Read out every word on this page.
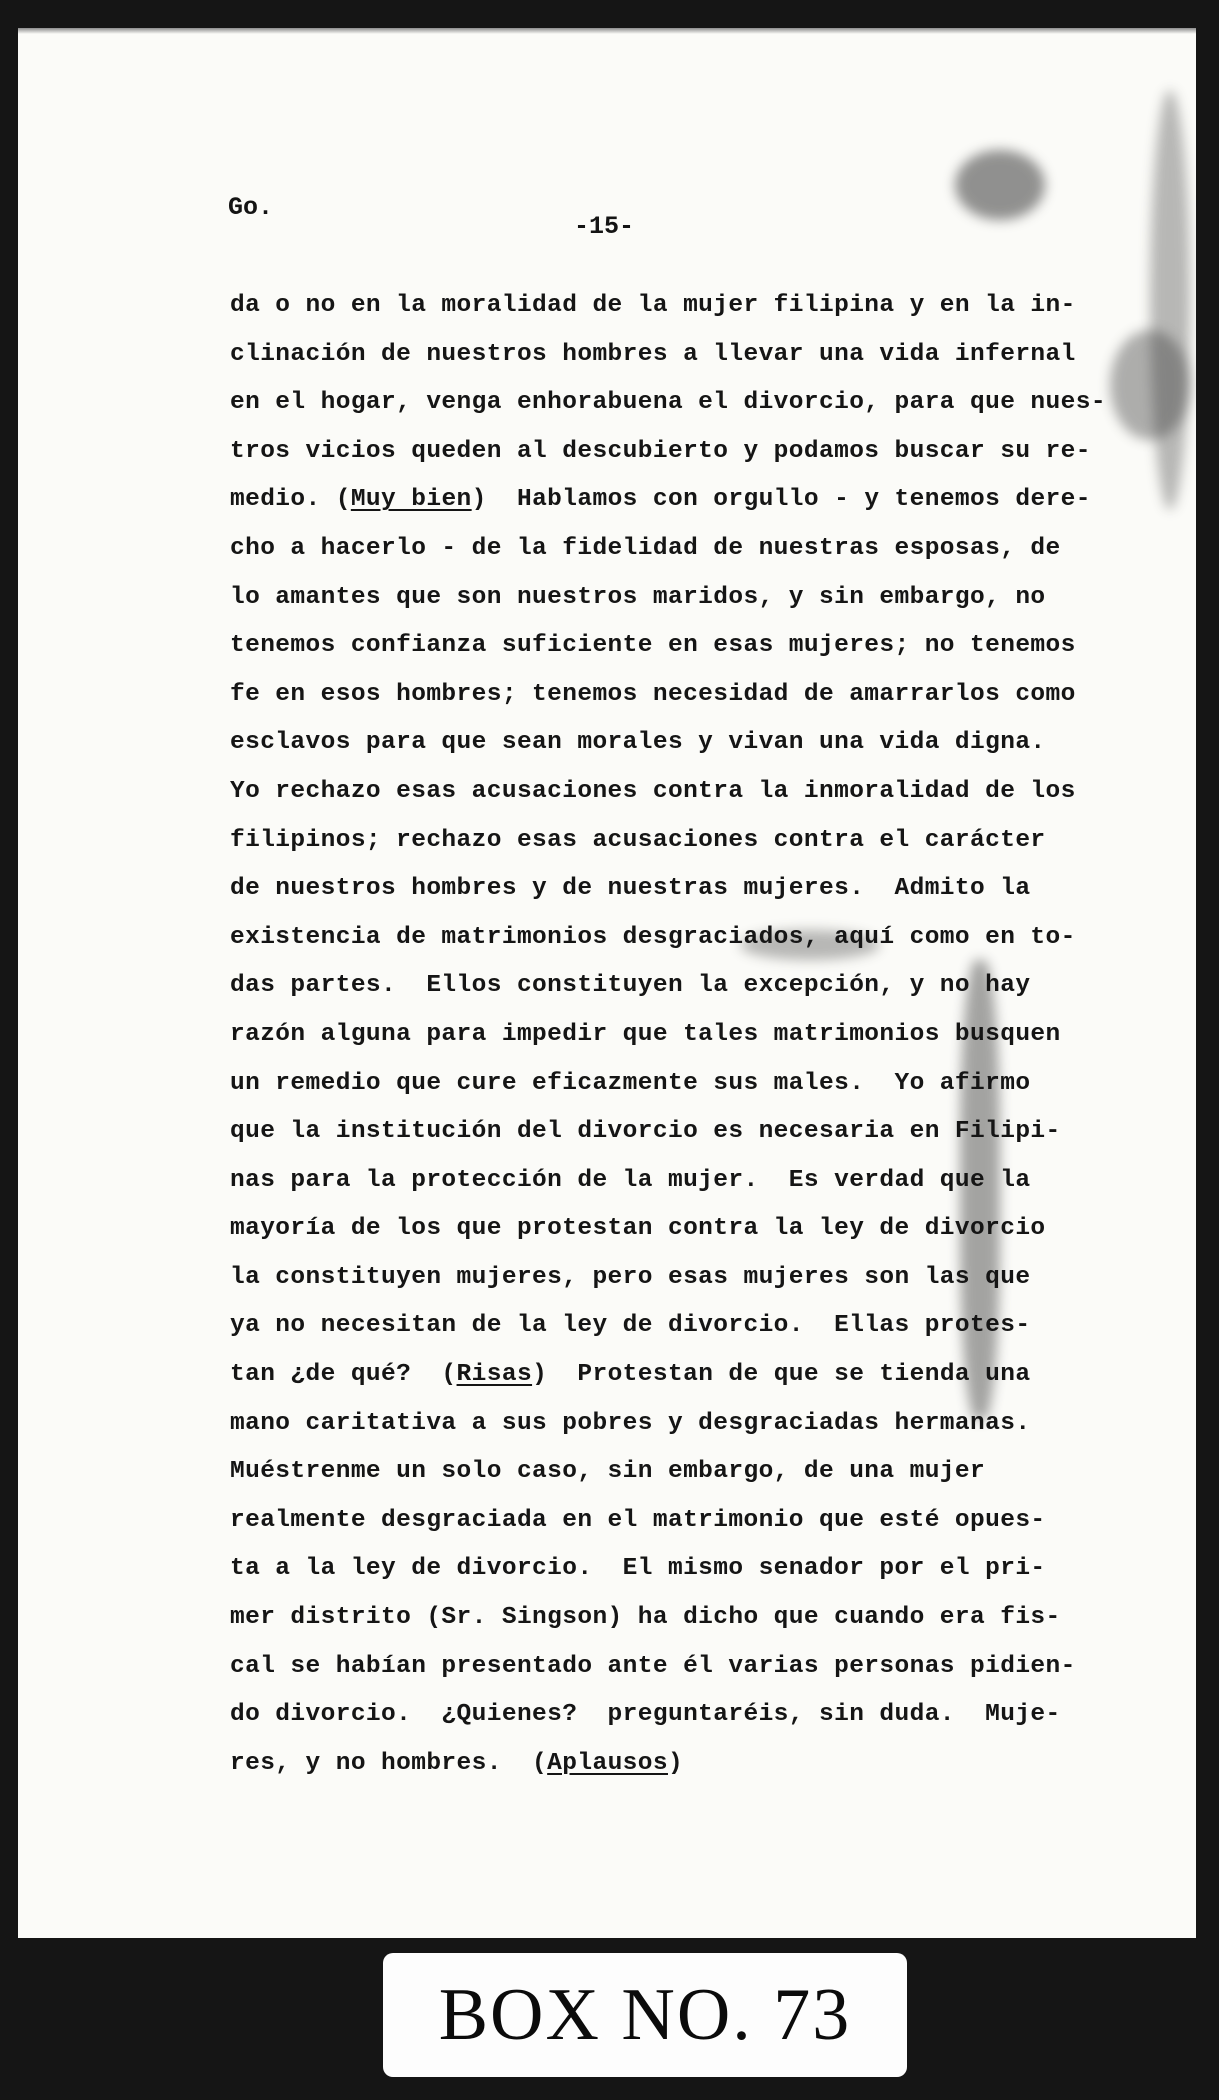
Go.
-15-
da o no en la moralidad de la mujer filipina y en la in-
clinación de nuestros hombres a llevar una vida infernal
en el hogar, venga enhorabuena el divorcio, para que nues-
tros vicios queden al descubierto y podamos buscar su re-
medio. (Muy bien)  Hablamos con orgullo - y tenemos dere-
cho a hacerlo - de la fidelidad de nuestras esposas, de
lo amantes que son nuestros maridos, y sin embargo, no
tenemos confianza suficiente en esas mujeres; no tenemos
fe en esos hombres; tenemos necesidad de amarrarlos como
esclavos para que sean morales y vivan una vida digna.
Yo rechazo esas acusaciones contra la inmoralidad de los
filipinos; rechazo esas acusaciones contra el carácter
de nuestros hombres y de nuestras mujeres.  Admito la
existencia de matrimonios desgraciados, aquí como en to-
das partes.  Ellos constituyen la excepción, y no hay
razón alguna para impedir que tales matrimonios busquen
un remedio que cure eficazmente sus males.  Yo afirmo
que la institución del divorcio es necesaria en Filipi-
nas para la protección de la mujer.  Es verdad que la
mayoría de los que protestan contra la ley de divorcio
la constituyen mujeres, pero esas mujeres son las que
ya no necesitan de la ley de divorcio.  Ellas protes-
tan ¿de qué?  (Risas)  Protestan de que se tienda una
mano caritativa a sus pobres y desgraciadas hermanas.
Muéstrenme un solo caso, sin embargo, de una mujer
realmente desgraciada en el matrimonio que esté opues-
ta a la ley de divorcio.  El mismo senador por el pri-
mer distrito (Sr. Singson) ha dicho que cuando era fis-
cal se habían presentado ante él varias personas pidien-
do divorcio.  ¿Quienes?  preguntaréis, sin duda.  Muje-
res, y no hombres.  (Aplausos)
BOX NO. 73
